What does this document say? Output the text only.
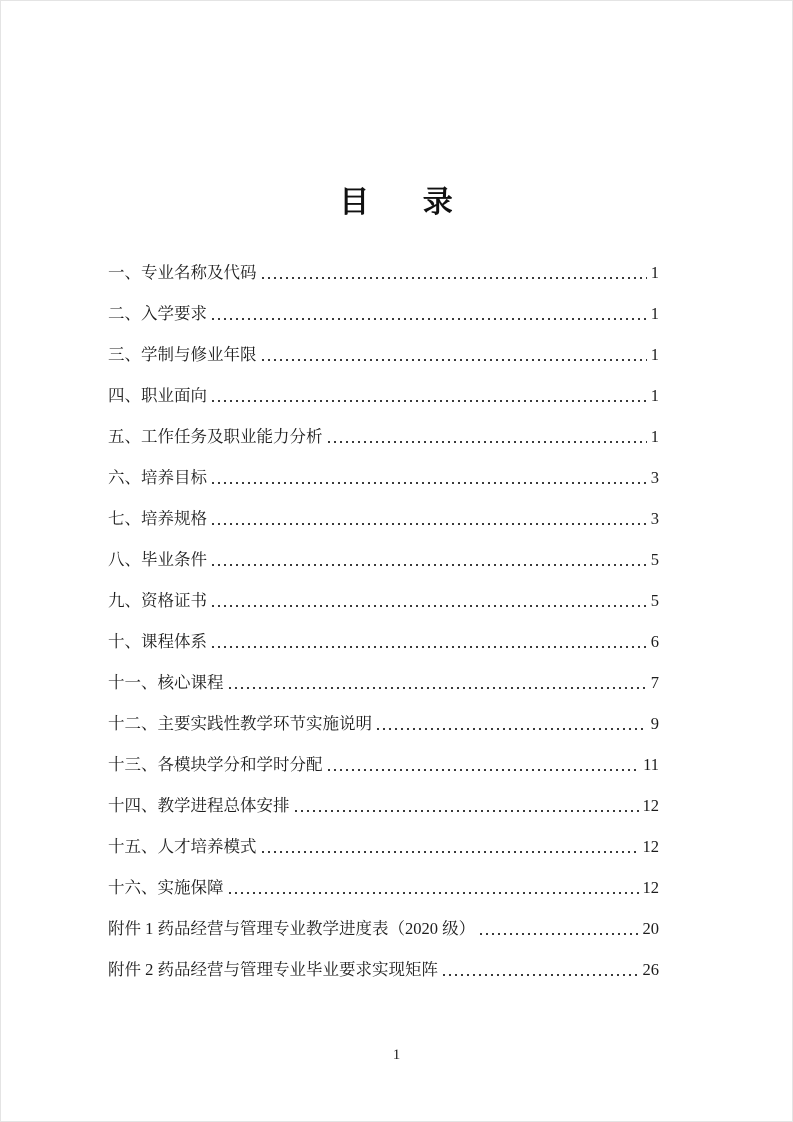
目 录
一、专业名称及代码	1
二、入学要求	1
三、学制与修业年限	1
四、职业面向	1
五、工作任务及职业能力分析	1
六、培养目标	3
七、培养规格	3
八、毕业条件	5
九、资格证书	5
十、课程体系	6
十一、核心课程	7
十二、主要实践性教学环节实施说明	9
十三、各模块学分和学时分配	11
十四、教学进程总体安排	12
十五、人才培养模式	12
十六、实施保障	12
附件 1 药品经营与管理专业教学进度表（2020 级）	20
附件 2 药品经营与管理专业毕业要求实现矩阵	26
1
